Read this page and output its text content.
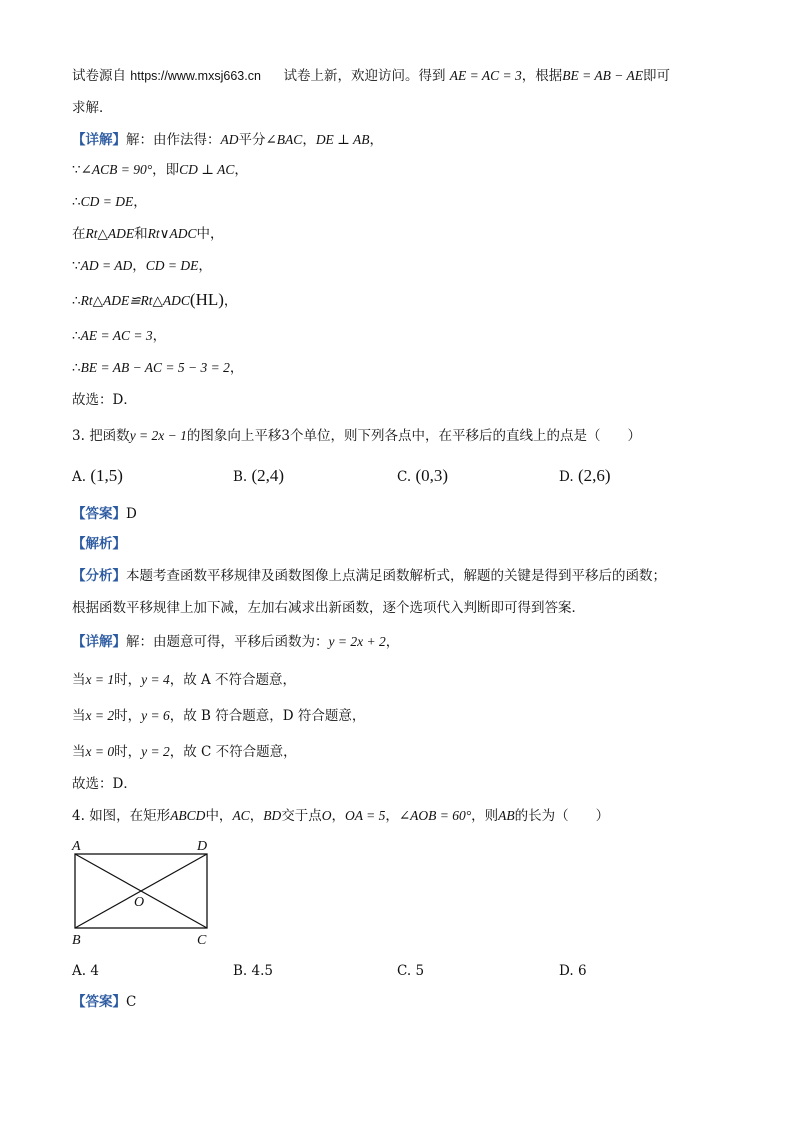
试卷源自 https://www.mxsj663.cn 试卷上新，欢迎访问。得到 AE = AC = 3，根据BE = AB − AE即可
求解．
【详解】解：由作法得：AD平分∠BAC，DE ⊥ AB，
∵∠ACB = 90°，即CD ⊥ AC，
∴CD = DE，
在Rt△ADE和Rt∨ADC中，
∵AD = AD，CD = DE，
∴Rt△ADE≌Rt△ADC(HL)，
∴AE = AC = 3，
∴BE = AB − AC = 5 − 3 = 2，
故选：D．
3. 把函数y = 2x − 1的图象向上平移3个单位，则下列各点中，在平移后的直线上的点是（　　）
A. (1,5)	B. (2,4)	C. (0,3)	D. (2,6)
【答案】D
【解析】
【分析】本题考查函数平移规律及函数图像上点满足函数解析式，解题的关键是得到平移后的函数；
根据函数平移规律上加下减，左加右减求出新函数，逐个选项代入判断即可得到答案．
【详解】解：由题意可得，平移后函数为：y = 2x + 2，
当x = 1时，y = 4，故 A 不符合题意，
当x = 2时，y = 6，故 B 符合题意，D 符合题意，
当x = 0时，y = 2，故 C 不符合题意，
故选：D．
4. 如图，在矩形ABCD中，AC，BD交于点O，OA = 5，∠AOB = 60°，则AB的长为（　　）
A	D
B	C
O
A. 4	B. 4.5	C. 5	D. 6
【答案】C
